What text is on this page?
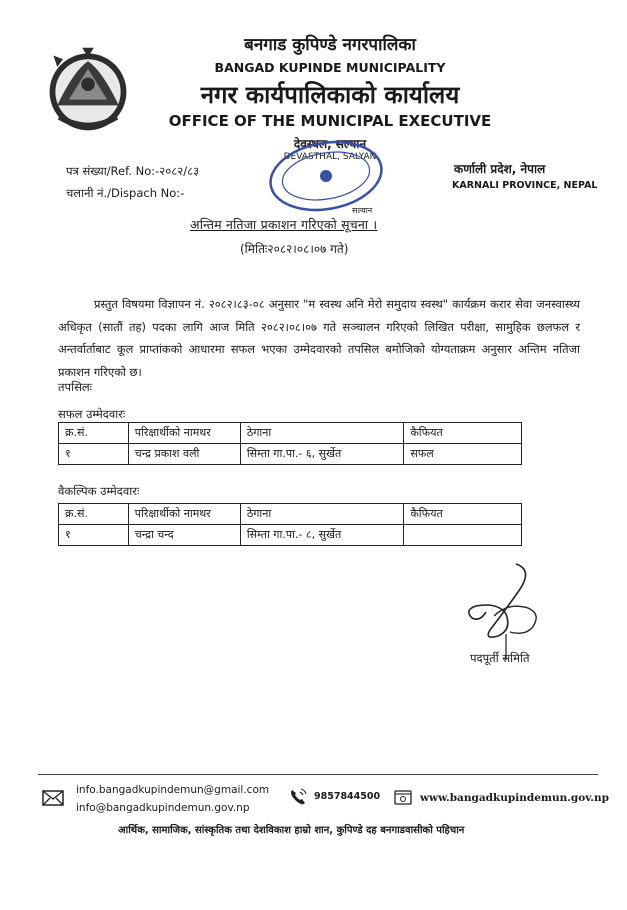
बनगाड कुपिण्डे नगरपालिका
BANGAD KUPINDE MUNICIPALITY
नगर कार्यपालिकाको कार्यालय
OFFICE OF THE MUNICIPAL EXECUTIVE
देवस्थल, सल्यान
DEVASTHAL, SALYAN
पत्र संख्या/Ref. No:-२०८२/८३
चलानी नं./Dispach No:-
कर्णाली प्रदेश, नेपाल
KARNALI PROVINCE, NEPAL
अन्तिम नतिजा प्रकाशन गरिएको सूचना ।
सल्यान
(मितिः२०८२।०८।०७ गते)
प्रस्तुत विषयमा विज्ञापन नं. २०८२।८३-०८ अनुसार "म स्वस्थ अनि मेरो समुदाय स्वस्थ" कार्यक्रम करार सेवा जनस्वास्थ्य अधिकृत (सातौं तह) पदका लागि आज मिति २०८२।०८।०७ गते सञ्चालन गरिएको लिखित परीक्षा, सामुहिक छलफल र अन्तर्वार्ताबाट कूल प्राप्तांकको आधारमा सफल भएका उम्मेदवारको तपसिल बमोजिको योग्यताक्रम अनुसार अन्तिम नतिजा प्रकाशन गरिएको छ।
तपसिलः
सफल उम्मेदवारः
क्र.सं.	परिक्षार्थीको नामथर	ठेगाना	कैफियत
१	चन्द्र प्रकाश वली	सिम्ता गा.पा.- ६, सुर्खेत	सफल
वैकल्पिक उम्मेदवारः
क्र.सं.	परिक्षार्थीको नामथर	ठेगाना	कैफियत
१	चन्द्रा चन्द	सिम्ता गा.पा.- ८, सुर्खेत	
पदपूर्ती समिति
info.bangadkupindemun@gmail.com
info@bangadkupindemun.gov.np
9857844500	www.bangadkupindemun.gov.np
आर्थिक, सामाजिक, सांस्कृतिक तथा देशविकाश हाम्रो शान, कुपिण्डे दह बनगाडवासीको पहिचान
